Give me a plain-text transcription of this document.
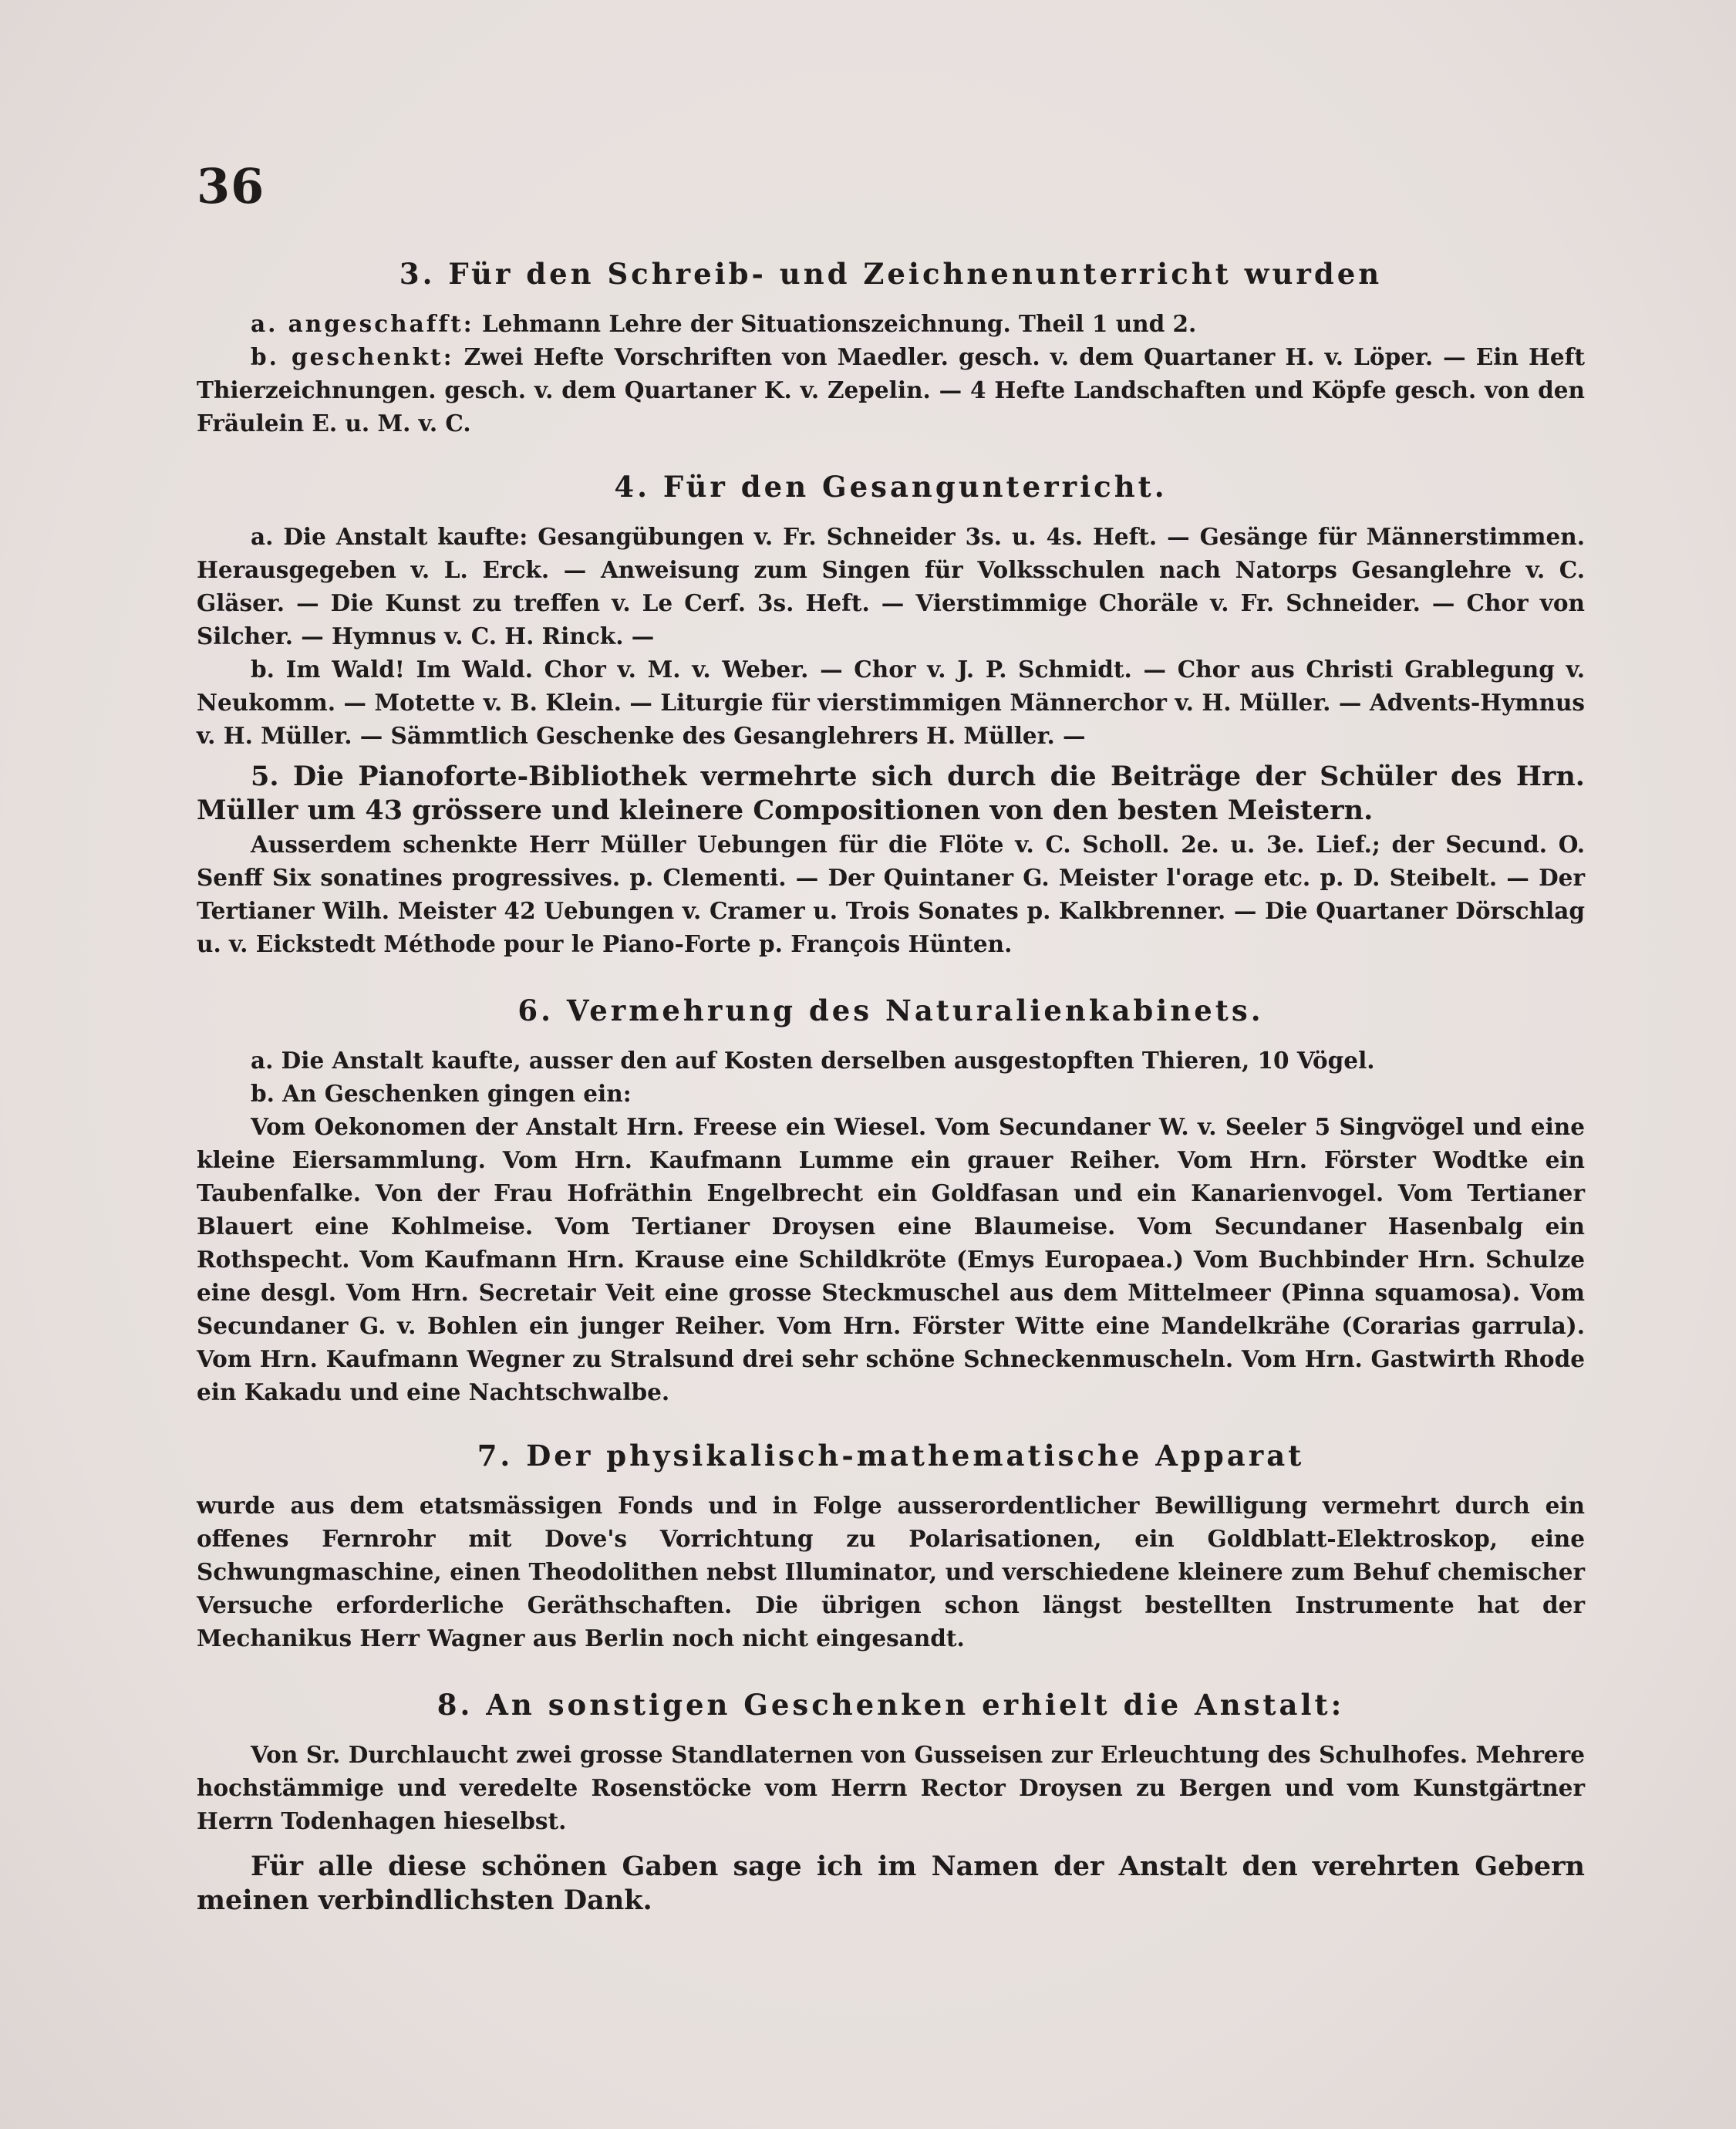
36
3. Für den Schreib- und Zeichnenunterricht wurden

a. angeschafft: Lehmann Lehre der Situationszeichnung. Theil 1 und 2.

b. geschenkt: Zwei Hefte Vorschriften von Maedler. gesch. v. dem Quartaner H. v. Löper. — Ein Heft Thierzeichnungen. gesch. v. dem Quartaner K. v. Zepelin. — 4 Hefte Landschaften und Köpfe gesch. von den Fräulein E. u. M. v. C.

4. Für den Gesangunterricht.

a. Die Anstalt kaufte: Gesangübungen v. Fr. Schneider 3s. u. 4s. Heft. — Gesänge für Männerstimmen. Herausgegeben v. L. Erck. — Anweisung zum Singen für Volksschulen nach Natorps Gesanglehre v. C. Gläser. — Die Kunst zu treffen v. Le Cerf. 3s. Heft. — Vierstimmige Choräle v. Fr. Schneider. — Chor von Silcher. — Hymnus v. C. H. Rinck. —

b. Im Wald! Im Wald. Chor v. M. v. Weber. — Chor v. J. P. Schmidt. — Chor aus Christi Grablegung v. Neukomm. — Motette v. B. Klein. — Liturgie für vierstimmigen Männerchor v. H. Müller. — Advents-Hymnus v. H. Müller. — Sämmtlich Geschenke des Gesanglehrers H. Müller. —

5. Die Pianoforte-Bibliothek vermehrte sich durch die Beiträge der Schüler des Hrn. Müller um 43 grössere und kleinere Compositionen von den besten Meistern.

Ausserdem schenkte Herr Müller Uebungen für die Flöte v. C. Scholl. 2e. u. 3e. Lief.; der Secund. O. Senff Six sonatines progressives. p. Clementi. — Der Quintaner G. Meister l'orage etc. p. D. Steibelt. — Der Tertianer Wilh. Meister 42 Uebungen v. Cramer u. Trois Sonates p. Kalkbrenner. — Die Quartaner Dörschlag u. v. Eickstedt Méthode pour le Piano-Forte p. François Hünten.

6. Vermehrung des Naturalienkabinets.

a. Die Anstalt kaufte, ausser den auf Kosten derselben ausgestopften Thieren, 10 Vögel.

b. An Geschenken gingen ein:

Vom Oekonomen der Anstalt Hrn. Freese ein Wiesel. Vom Secundaner W. v. Seeler 5 Singvögel und eine kleine Eiersammlung. Vom Hrn. Kaufmann Lumme ein grauer Reiher. Vom Hrn. Förster Wodtke ein Taubenfalke. Von der Frau Hofräthin Engelbrecht ein Goldfasan und ein Kanarienvogel. Vom Tertianer Blauert eine Kohlmeise. Vom Tertianer Droysen eine Blaumeise. Vom Secundaner Hasenbalg ein Rothspecht. Vom Kaufmann Hrn. Krause eine Schildkröte (Emys Europaea.) Vom Buchbinder Hrn. Schulze eine desgl. Vom Hrn. Secretair Veit eine grosse Steckmuschel aus dem Mittelmeer (Pinna squamosa). Vom Secundaner G. v. Bohlen ein junger Reiher. Vom Hrn. Förster Witte eine Mandelkrähe (Corarias garrula). Vom Hrn. Kaufmann Wegner zu Stralsund drei sehr schöne Schneckenmuscheln. Vom Hrn. Gastwirth Rhode ein Kakadu und eine Nachtschwalbe.

7. Der physikalisch-mathematische Apparat

wurde aus dem etatsmässigen Fonds und in Folge ausserordentlicher Bewilligung vermehrt durch ein offenes Fernrohr mit Dove's Vorrichtung zu Polarisationen, ein Goldblatt-Elektroskop, eine Schwungmaschine, einen Theodolithen nebst Illuminator, und verschiedene kleinere zum Behuf chemischer Versuche erforderliche Geräthschaften. Die übrigen schon längst bestellten Instrumente hat der Mechanikus Herr Wagner aus Berlin noch nicht eingesandt.

8. An sonstigen Geschenken erhielt die Anstalt:

Von Sr. Durchlaucht zwei grosse Standlaternen von Gusseisen zur Erleuchtung des Schulhofes. Mehrere hochstämmige und veredelte Rosenstöcke vom Herrn Rector Droysen zu Bergen und vom Kunstgärtner Herrn Todenhagen hieselbst.

Für alle diese schönen Gaben sage ich im Namen der Anstalt den verehrten Gebern meinen verbindlichsten Dank.
